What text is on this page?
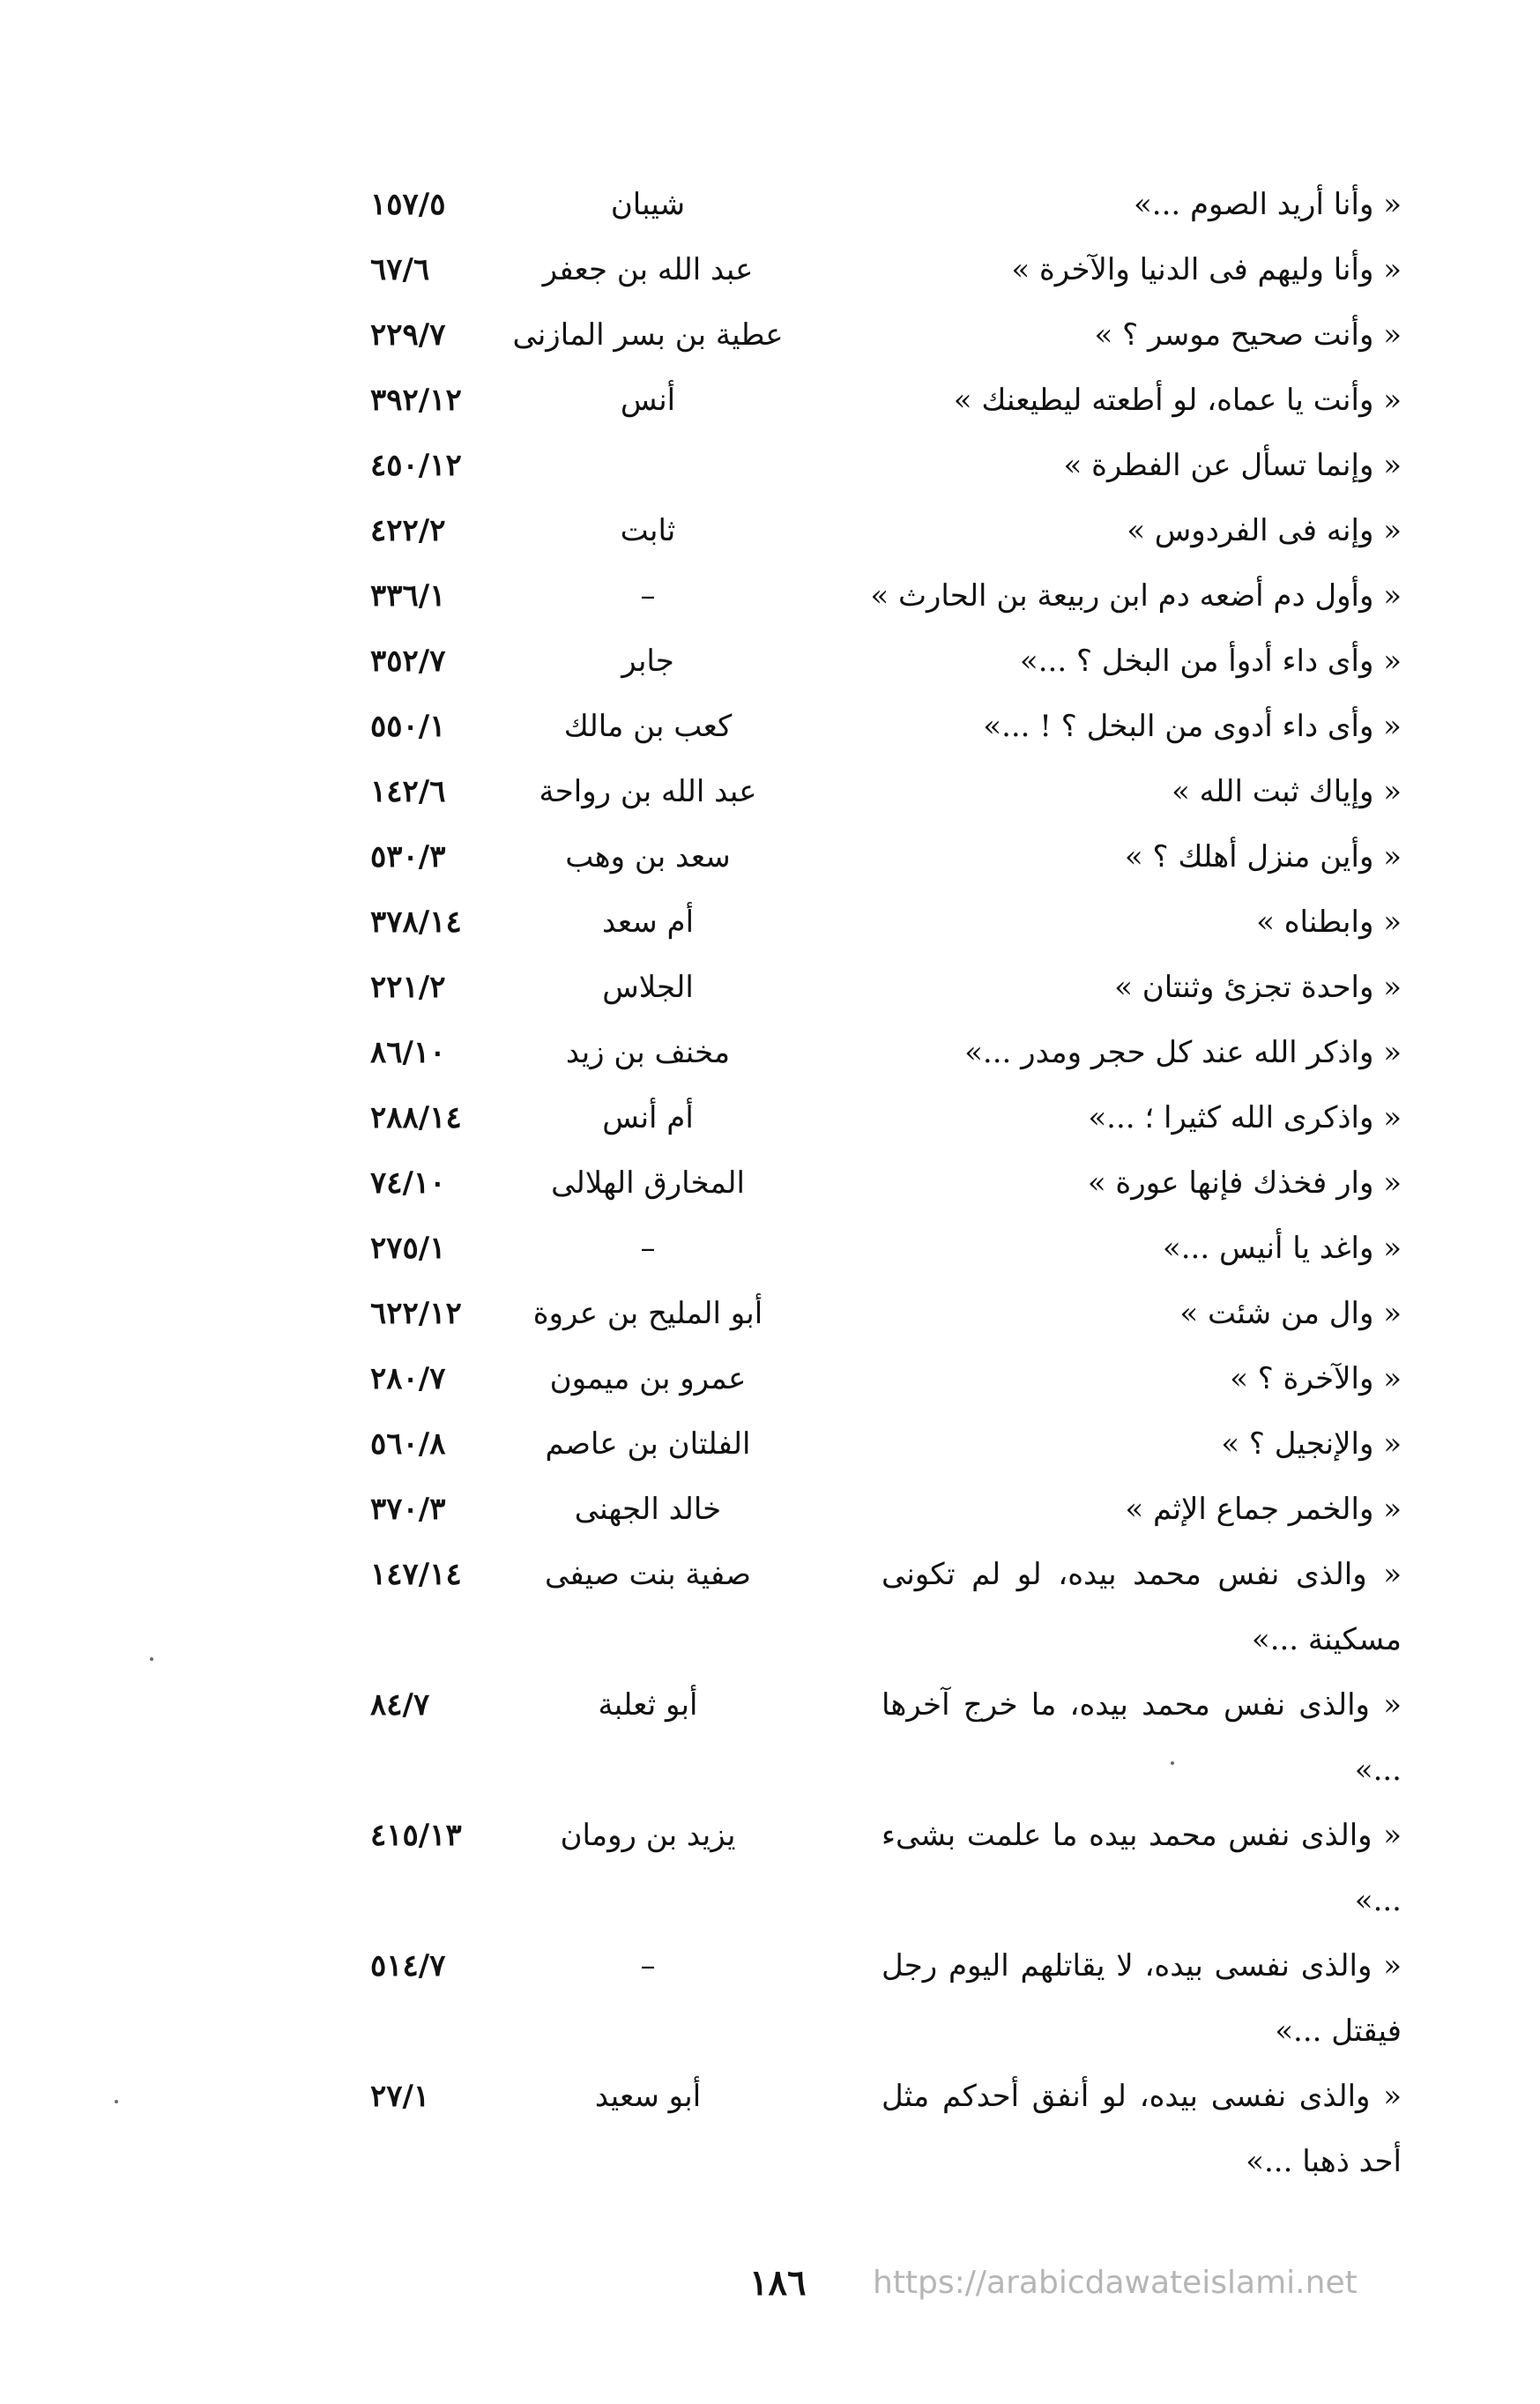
« وأنا أريد الصوم ...»
شيبان
١٥٧/٥
« وأنا وليهم فى الدنيا والآخرة »
عبد الله بن جعفر
٦٧/٦
« وأنت صحيح موسر ؟ »
عطية بن بسر المازنى
٢٢٩/٧
« وأنت يا عماه، لو أطعته ليطيعنك »
أنس
٣٩٢/١٢
« وإنما تسأل عن الفطرة »
٤٥٠/١٢
« وإنه فى الفردوس »
ثابت
٤٢٢/٢
« وأول دم أضعه دم ابن ربيعة بن الحارث »
–
٣٣٦/١
« وأى داء أدوأ من البخل ؟ ...»
جابر
٣٥٢/٧
« وأى داء أدوى من البخل ؟ ! ...»
كعب بن مالك
٥٥٠/١
« وإياك ثبت الله »
عبد الله بن رواحة
١٤٢/٦
« وأين منزل أهلك ؟ »
سعد بن وهب
٥٣٠/٣
« وابطناه »
أم سعد
٣٧٨/١٤
« واحدة تجزئ وثنتان »
الجلاس
٢٢١/٢
« واذكر الله عند كل حجر ومدر ...»
مخنف بن زيد
٨٦/١٠
« واذكرى الله كثيرا ؛ ...»
أم أنس
٢٨٨/١٤
« وار فخذك فإنها عورة »
المخارق الهلالى
٧٤/١٠
« واغد يا أنيس ...»
–
٢٧٥/١
« وال من شئت »
أبو المليح بن عروة
٦٢٢/١٢
« والآخرة ؟ »
عمرو بن ميمون
٢٨٠/٧
« والإنجيل ؟ »
الفلتان بن عاصم
٥٦٠/٨
« والخمر جماع الإثم »
خالد الجهنى
٣٧٠/٣
« والذى نفس محمد بيده، لو لم تكونى مسكينة ...»
صفية بنت صيفى
١٤٧/١٤
« والذى نفس محمد بيده، ما خرج آخرها ...»
أبو ثعلبة
٨٤/٧
« والذى نفس محمد بيده ما علمت بشىء ...»
يزيد بن رومان
٤١٥/١٣
« والذى نفسى بيده، لا يقاتلهم اليوم رجل فيقتل ...»
–
٥١٤/٧
« والذى نفسى بيده، لو أنفق أحدكم مثل أحد ذهبا ...»
أبو سعيد
٢٧/١
١٨٦ https://arabicdawateislami.net
